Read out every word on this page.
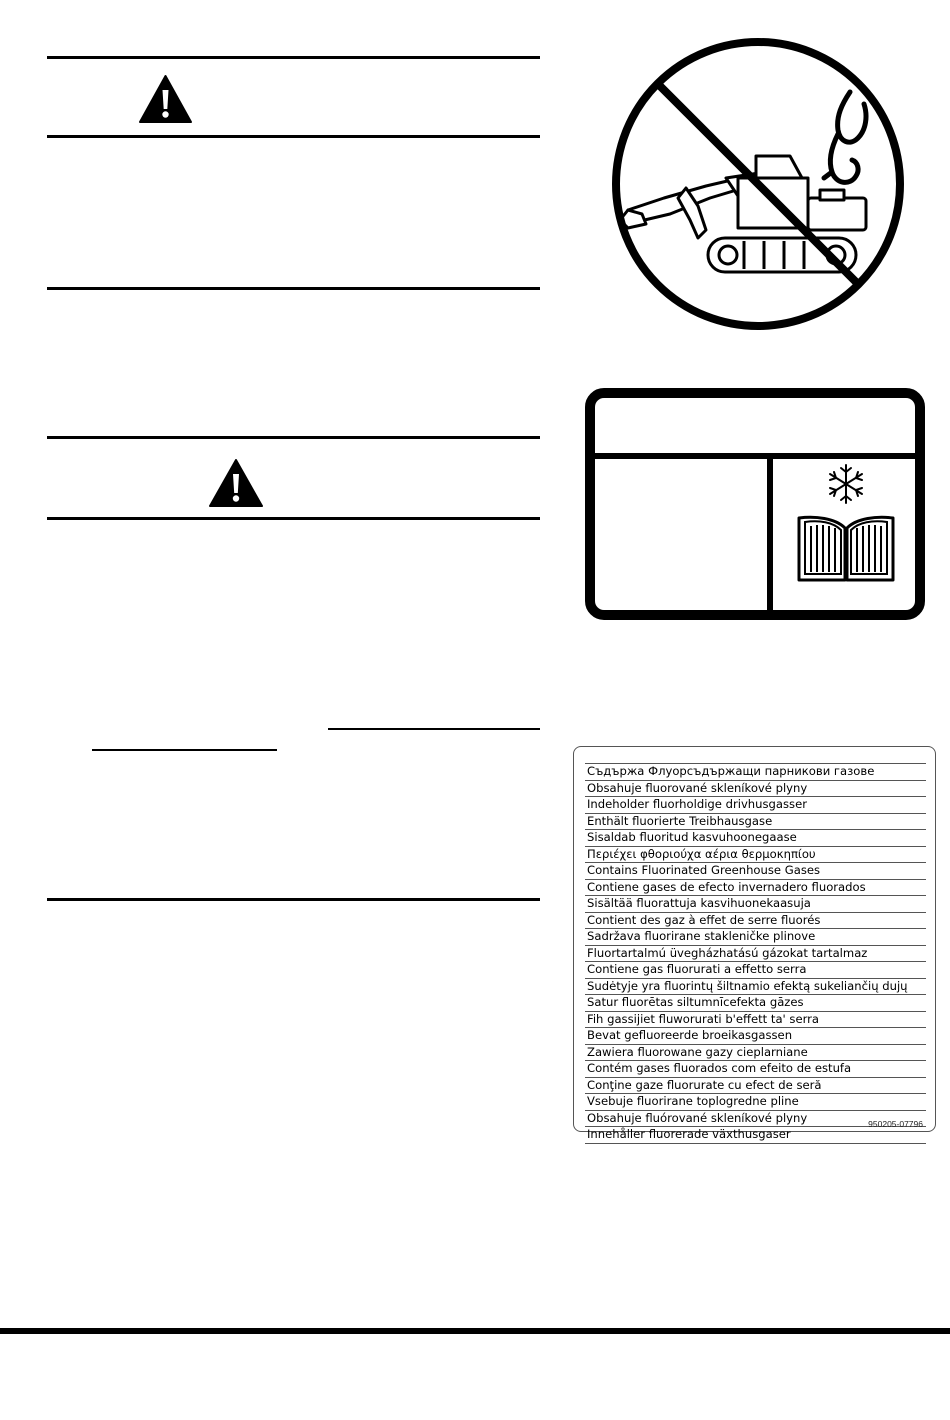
Съдържа Флуорсъдържащи парникови газове
Obsahuje fluorované skleníkové plyny
Indeholder fluorholdige drivhusgasser
Enthält fluorierte Treibhausgase
Sisaldab fluoritud kasvuhoonegaase
Περιέχει φθοριούχα αέρια θερμοκηπίου
Contains Fluorinated Greenhouse Gases
Contiene gases de efecto invernadero fluorados
Sisältää fluorattuja kasvihuonekaasuja
Contient des gaz à effet de serre fluorés
Sadržava fluorirane stakleničke plinove
Fluortartalmú üvegházhatású gázokat tartalmaz
Contiene gas fluorurati a effetto serra
Sudėtyje yra fluorintų šiltnamio efektą sukeliančių dujų
Satur fluorētas siltumnīcefekta gāzes
Fih gassijiet fluworurati b'effett ta' serra
Bevat gefluoreerde broeikasgassen
Zawiera fluorowane gazy cieplarniane
Contém gases fluorados com efeito de estufa
Conţine gaze fluorurate cu efect de seră
Vsebuje fluorirane toplogredne pline
Obsahuje fluórované skleníkové plyny
Innehåller fluorerade växthusgaser
950205-07796
